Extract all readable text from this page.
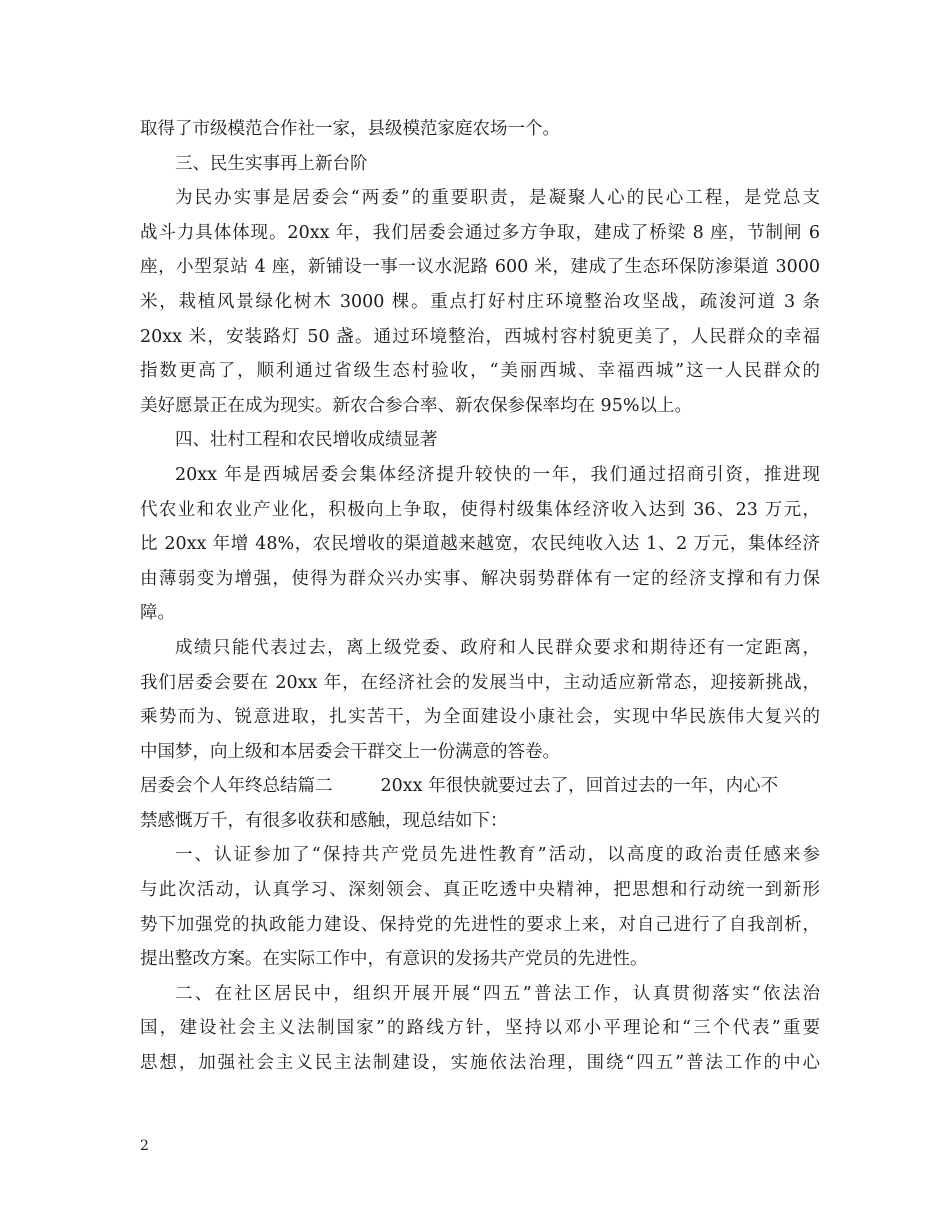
取得了市级模范合作社一家，县级模范家庭农场一个。
三、民生实事再上新台阶
为民办实事是居委会“两委”的重要职责，是凝聚人心的民心工程，是党总支
战斗力具体体现。20xx 年，我们居委会通过多方争取，建成了桥梁 8 座，节制闸 6
座，小型泵站 4 座，新铺设一事一议水泥路 600 米，建成了生态环保防渗渠道 3000
米，栽植风景绿化树木 3000 棵。重点打好村庄环境整治攻坚战，疏浚河道 3 条
20xx 米，安装路灯 50 盏。通过环境整治，西城村容村貌更美了，人民群众的幸福
指数更高了，顺利通过省级生态村验收，“美丽西城、幸福西城”这一人民群众的
美好愿景正在成为现实。新农合参合率、新农保参保率均在 95%以上。
四、壮村工程和农民增收成绩显著
20xx 年是西城居委会集体经济提升较快的一年，我们通过招商引资，推进现
代农业和农业产业化，积极向上争取，使得村级集体经济收入达到 36、23 万元，
比 20xx 年增 48%，农民增收的渠道越来越宽，农民纯收入达 1、2 万元，集体经济
由薄弱变为增强，使得为群众兴办实事、解决弱势群体有一定的经济支撑和有力保
障。
成绩只能代表过去，离上级党委、政府和人民群众要求和期待还有一定距离，
我们居委会要在 20xx 年，在经济社会的发展当中，主动适应新常态，迎接新挑战，
乘势而为、锐意进取，扎实苦干，为全面建设小康社会，实现中华民族伟大复兴的
中国梦，向上级和本居委会干群交上一份满意的答卷。
居委会个人年终总结篇二	20xx 年很快就要过去了，回首过去的一年，内心不
禁感慨万千，有很多收获和感触，现总结如下：
一、认证参加了“保持共产党员先进性教育”活动，以高度的政治责任感来参
与此次活动，认真学习、深刻领会、真正吃透中央精神，把思想和行动统一到新形
势下加强党的执政能力建设、保持党的先进性的要求上来，对自己进行了自我剖析，
提出整改方案。在实际工作中，有意识的发扬共产党员的先进性。
二、在社区居民中，组织开展开展“四五”普法工作，认真贯彻落实“依法治
国，建设社会主义法制国家”的路线方针，坚持以邓小平理论和“三个代表”重要
思想，加强社会主义民主法制建设，实施依法治理，围绕“四五”普法工作的中心
2
